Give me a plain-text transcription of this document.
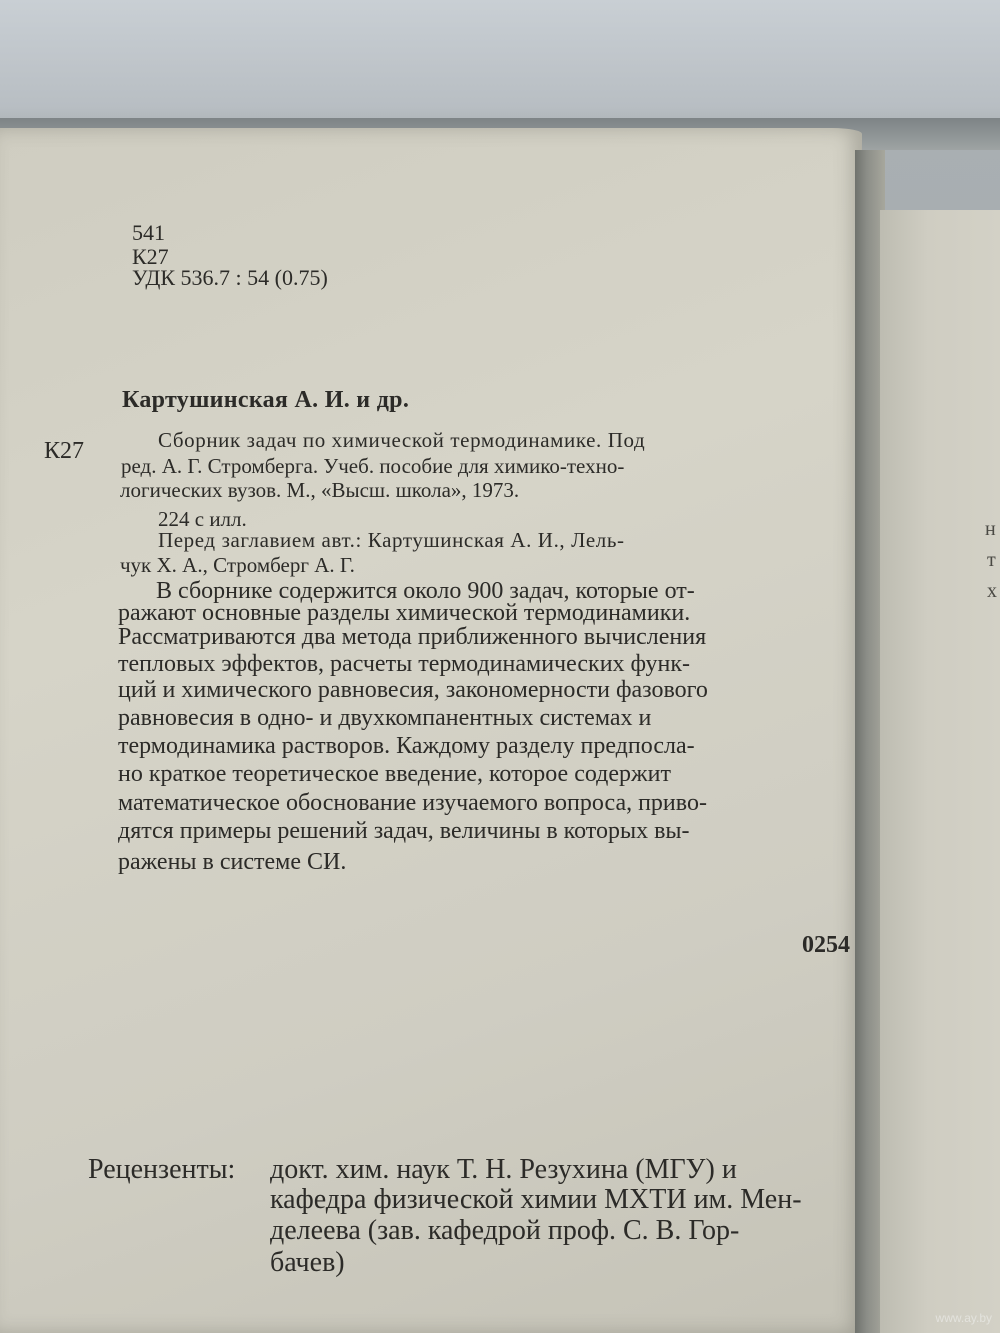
541
К27
УДК 536.7 : 54 (0.75)
Картушинская А. И. и др.
К27	Сборник задач по химической термодинамике. Под
ред. А. Г. Стромберга. Учеб. пособие для химико-техно-
логических вузов. М., «Высш. школа», 1973.
224 с илл.
Перед заглавием авт.: Картушинская А. И., Лель-
чук Х. А., Стромберг А. Г.
В сборнике содержится около 900 задач, которые от-
ражают основные разделы химической термодинамики.
Рассматриваются два метода приближенного вычисления
тепловых эффектов, расчеты термодинамических функ-
ций и химического равновесия, закономерности фазового
равновесия в одно- и двухкомпанентных системах и
термодинамика растворов. Каждому разделу предпосла-
но краткое теоретическое введение, которое содержит
математическое обоснование изучаемого вопроса, приво-
дятся примеры решений задач, величины в которых вы-
ражены в системе СИ.
0254
Рецензенты: докт. хим. наук Т. Н. Резухина (МГУ) и
кафедра физической химии МХТИ им. Мен-
делеева (зав. кафедрой проф. С. В. Гор-
бачев)
н
т
х
www.ay.by
